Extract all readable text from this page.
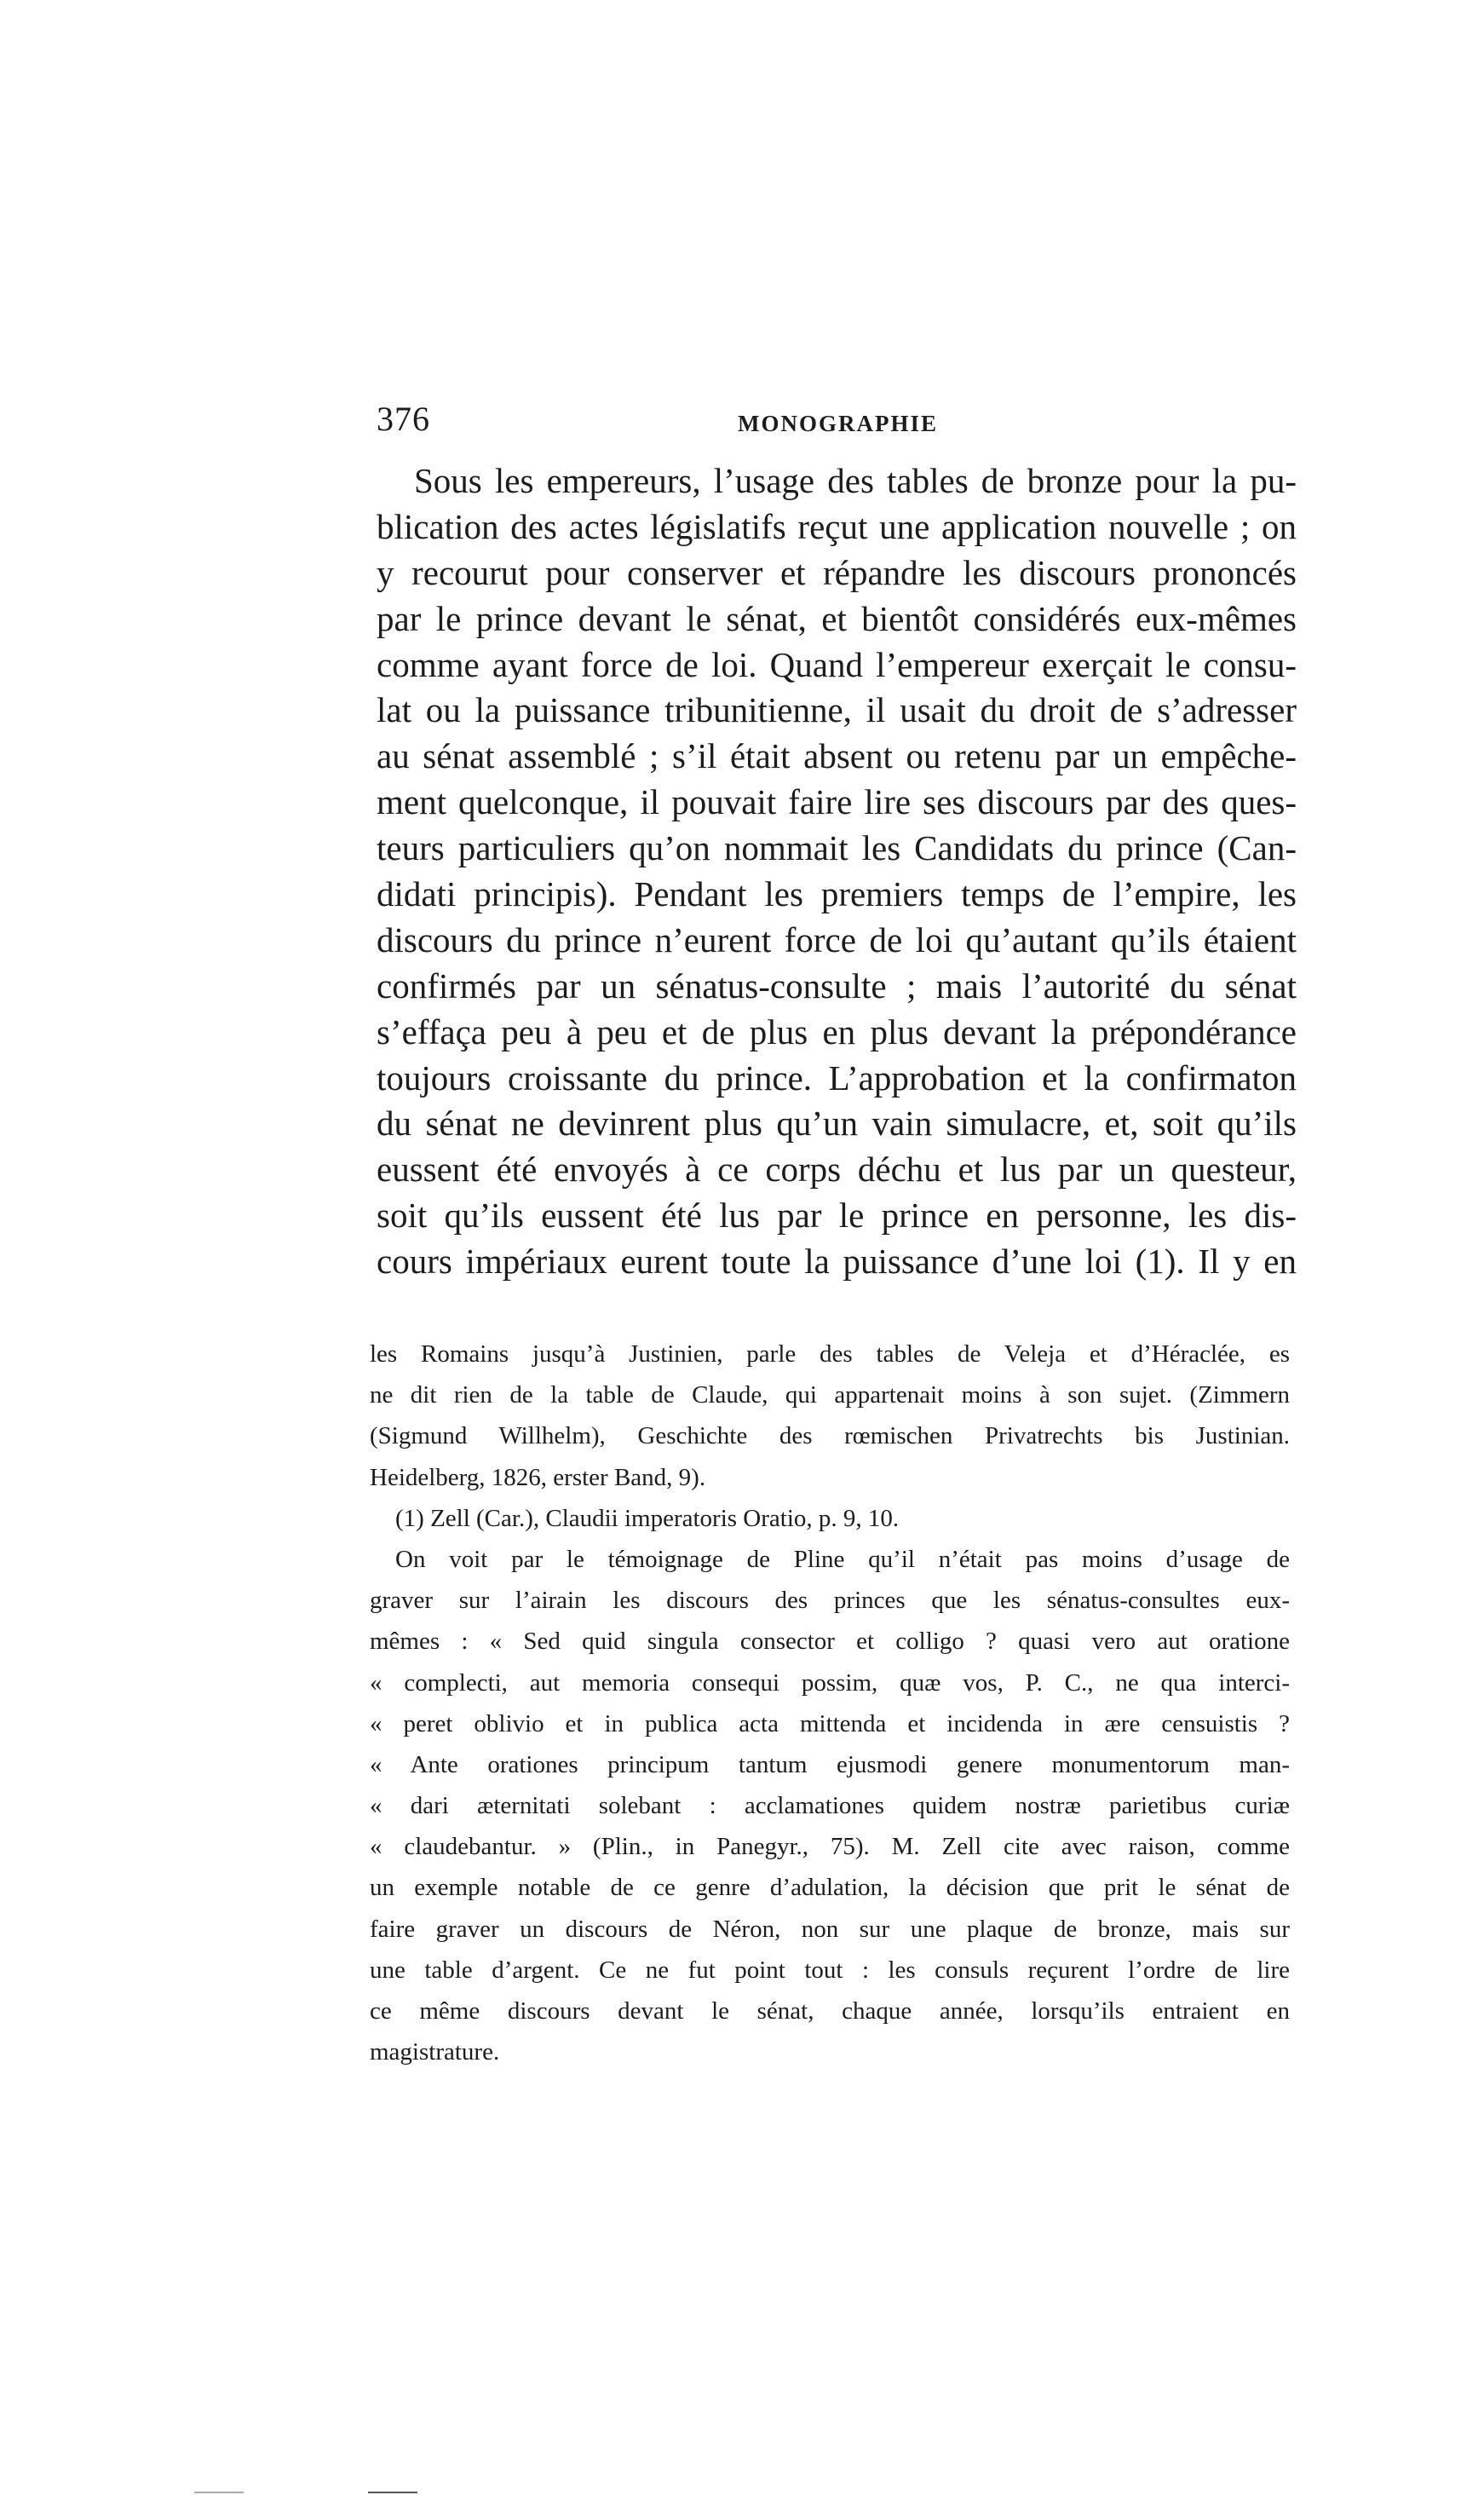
376	MONOGRAPHIE
Sous les empereurs, l’usage des tables de bronze pour la pu-
blication des actes législatifs reçut une application nouvelle ; on
y recourut pour conserver et répandre les discours prononcés
par le prince devant le sénat, et bientôt considérés eux-mêmes
comme ayant force de loi. Quand l’empereur exerçait le consu-
lat ou la puissance tribunitienne, il usait du droit de s’adresser
au sénat assemblé ; s’il était absent ou retenu par un empêche-
ment quelconque, il pouvait faire lire ses discours par des ques-
teurs particuliers qu’on nommait les Candidats du prince (Can-
didati principis). Pendant les premiers temps de l’empire, les
discours du prince n’eurent force de loi qu’autant qu’ils étaient
confirmés par un sénatus-consulte ; mais l’autorité du sénat
s’effaça peu à peu et de plus en plus devant la prépondérance
toujours croissante du prince. L’approbation et la confirmaton
du sénat ne devinrent plus qu’un vain simulacre, et, soit qu’ils
eussent été envoyés à ce corps déchu et lus par un questeur,
soit qu’ils eussent été lus par le prince en personne, les dis-
cours impériaux eurent toute la puissance d’une loi (1). Il y en
les Romains jusqu’à Justinien, parle des tables de Veleja et d’Héraclée, es
ne dit rien de la table de Claude, qui appartenait moins à son sujet. (Zimmern
(Sigmund Willhelm), Geschichte des rœmischen Privatrechts bis Justinian.
Heidelberg, 1826, erster Band, 9).
(1) Zell (Car.), Claudii imperatoris Oratio, p. 9, 10.
On voit par le témoignage de Pline qu’il n’était pas moins d’usage de
graver sur l’airain les discours des princes que les sénatus-consultes eux-
mêmes : « Sed quid singula consector et colligo ? quasi vero aut oratione
« complecti, aut memoria consequi possim, quæ vos, P. C., ne qua interci-
« peret oblivio et in publica acta mittenda et incidenda in ære censuistis ?
« Ante orationes principum tantum ejusmodi genere monumentorum man-
« dari æternitati solebant : acclamationes quidem nostræ parietibus curiæ
« claudebantur. » (Plin., in Panegyr., 75). M. Zell cite avec raison, comme
un exemple notable de ce genre d’adulation, la décision que prit le sénat de
faire graver un discours de Néron, non sur une plaque de bronze, mais sur
une table d’argent. Ce ne fut point tout : les consuls reçurent l’ordre de lire
ce même discours devant le sénat, chaque année, lorsqu’ils entraient en
magistrature.
